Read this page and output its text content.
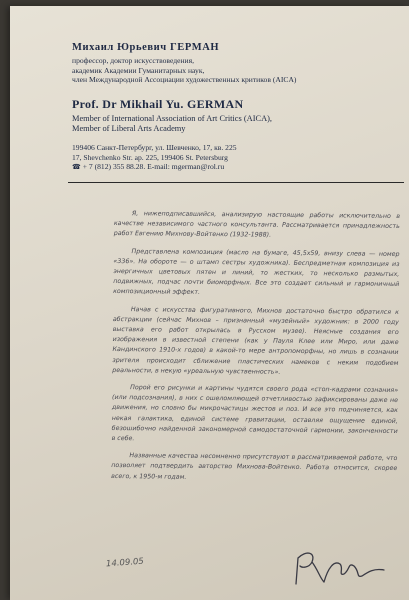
Михаил Юрьевич ГЕРМАН
профессор, доктор искусствоведения,
академик Академии Гуманитарных наук,
член Международной Ассоциации художественных критиков (AICA)
Prof. Dr Mikhail Yu. GERMAN
Member of International Association of Art Critics (AICA),
Member of Liberal Arts Academy
199406 Санкт-Петербург, ул. Шевченко, 17, кв. 225
17, Shevchenko Str. ap. 225, 199406 St. Petersburg
☎ + 7 (812) 355 88.28. E-mail: mgerman@rol.ru

Я, нижеподписавшийся, анализирую настоящие работы исключительно в качестве независимого частного консультанта. Рассматривается принадлежность работ Евгению Михнову-Войтенко (1932-1988).

Представлена композиция (масло на бумаге, 45,5х59, внизу слева — номер «336». На обороте — о штамп сестры художника). Беспредметная композиция из энергичных цветовых пятен и линий, то жестких, то несколько размытых, подвижных, подчас почти биоморфных. Все это создает сильный и гармоничный композиционный эффект.

Начав с искусства фигуративного, Михнов достаточно быстро обратился к абстракции (сейчас Михнов – признанный «музейный» художник: в 2000 году выставка его работ открылась в Русском музее). Неясные создания его изображения в известной степени (как у Пауля Клее или Миро, или даже Кандинского 1910-х годов) в какой-то мере антропоморфны, но лишь в сознании зрителя происходит сближение пластических намеков с неким подобием реальности, в некую «уреальную чувственность».

Порой его рисунки и картины чудятся своего рода «стоп-кадрами сознания» (или подсознания), в них с ошеломляющей отчетливостью зафиксированы даже не движения, но словно бы микрочастицы жестов и поз. И все это подчиняется, как некая галактика, единой системе гравитации, оставляя ощущение единой, безошибочно найденной закономерной самодостаточной гармонии, законченности в себе.

Названные качества несомненно присутствуют в рассматриваемой работе, что позволяет подтвердить авторство Михнова-Войтенко. Работа относится, скорее всего, к 1950-м годам.

14.09.05
